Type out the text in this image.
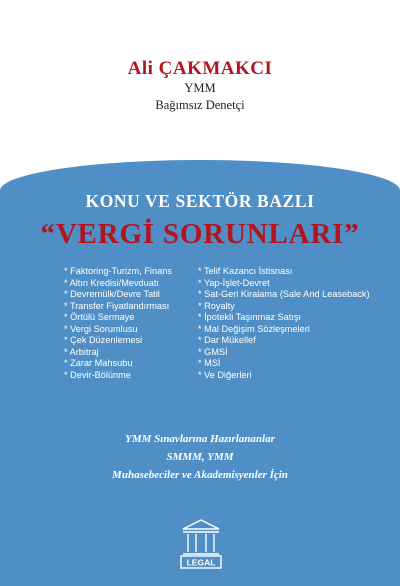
Ali ÇAKMAKCI
YMM
Bağımsız Denetçi
KONU VE SEKTÖR BAZLI
“VERGİ SORUNLARI”
* Faktoring-Turizm, Finans
* Altın Kredisi/Mevduatı
* Devremülk/Devre Tatil
* Transfer Fiyatlandırması
* Örtülü Sermaye
* Vergi Sorumlusu
* Çek Düzenlemesi
* Arbitraj
* Zarar Mahsubu
* Devir-Bölünme
* Telif Kazancı İstisnası
* Yap-İşlet-Devret
* Sat-Geri Kiralama (Sale And Leaseback)
* Royalty
* İpotekli Taşınmaz Satışı
* Mal Değişim Sözleşmeleri
* Dar Mükellef
* GMSİ
* MSİ
* Ve Diğerleri
YMM Sınavlarına Hazırlananlar
SMMM, YMM
Muhasebeciler ve Akademisyenler İçin
LEGAL
